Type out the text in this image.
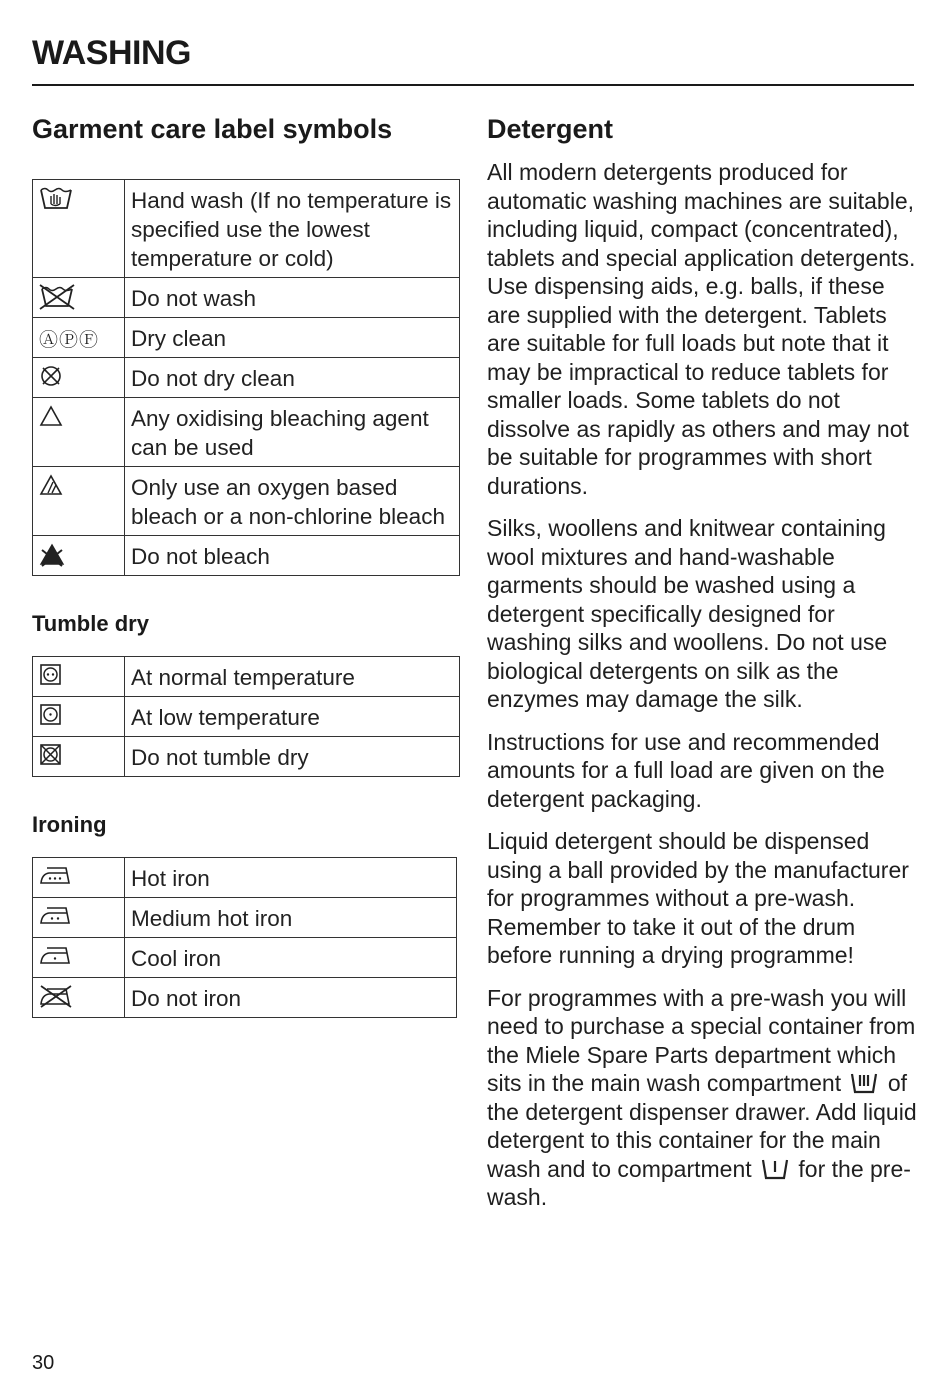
WASHING
Garment care label symbols
	Hand wash (If no temperature is specified use the lowest temperature or cold)

	Do not wash
ⒶⓅⒻ	Dry clean

	Do not dry clean

	Any oxidising bleaching agent can be used

	Only use an oxygen based bleach or a non-chlorine bleach

	Do not bleach
Tumble dry
	At normal temperature

	At low temperature

	Do not tumble dry
Ironing
	Hot iron

	Medium hot iron

	Cool iron

	Do not iron
Detergent

All modern detergents produced for automatic washing machines are suitable, including liquid, compact (concentrated), tablets and special application detergents. Use dispensing aids, e.g. balls, if these are supplied with the detergent. Tablets are suitable for full loads but note that it may be impractical to reduce tablets for smaller loads. Some tablets do not dissolve as rapidly as others and may not be suitable for programmes with short durations.

Silks, woollens and knitwear containing wool mixtures and hand-washable garments should be washed using a detergent specifically designed for washing silks and woollens. Do not use biological detergents on silk as the enzymes may damage the silk.

Instructions for use and recommended amounts for a full load are given on the detergent packaging.

Liquid detergent should be dispensed using a ball provided by the manufacturer for programmes without a pre-wash. Remember to take it out of the drum before running a drying programme!

For programmes with a pre-wash you will need to purchase a special container from the Miele Spare Parts department which sits in the main wash compartment of the detergent dispenser drawer. Add liquid detergent to this container for the main wash and to compartment for the pre-wash.

30
